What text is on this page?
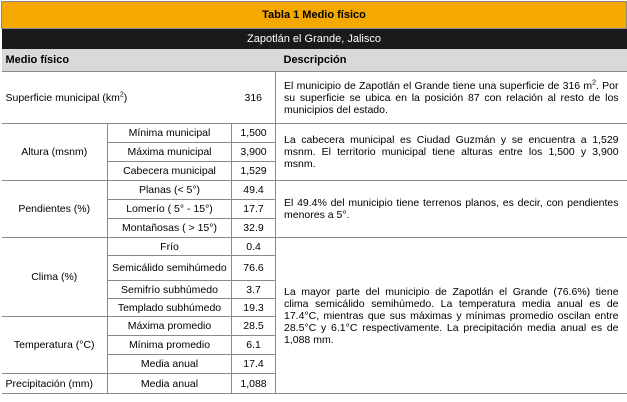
Tabla 1 Medio físico			
Zapotlán el Grande, Jalisco			
Medio físico			Descripción
Superficie municipal $(km^2)$		316	El municipio de Zapotlán el Grande tiene una superficie de 316 $m^2$. Por su superficie se ubica en la posición 87 con relación al resto de los municipios del estado.
Altura (msnm)	Mínima municipal	1,500	La cabecera municipal es Ciudad Guzmán y se encuentra a 1,529 msnm. El territorio municipal tiene alturas entre los 1,500 y 3,900 msnm.
	Máxima municipal	3,900	
	Cabecera municipal	1,529	
Pendientes (%)	Planas (< 5°)	49.4	El 49.4% del municipio tiene terrenos planos, es decir, con pendientes menores a 5°.
	Lomerío ( 5° - 15°)	17.7	
	Montañosas ( > 15°)	32.9	
Clima (%)	Frío	0.4	La mayor parte del municipio de Zapotlán el Grande (76.6%) tiene clima semicálido semihúmedo. La temperatura media anual es de 17.4°C, mientras que sus máximas y mínimas promedio oscilan entre 28.5°C y 6.1°C respectivamente. La precipitación media anual es de 1,088 mm.
	Semicálido semihúmedo	76.6	
	Semifrío subhúmedo	3.7	
	Templado subhúmedo	19.3	
Temperatura (°C)	Máxima promedio	28.5	
	Mínima promedio	6.1	
	Media anual	17.4	
Precipitación (mm)	Media anual	1,088	
